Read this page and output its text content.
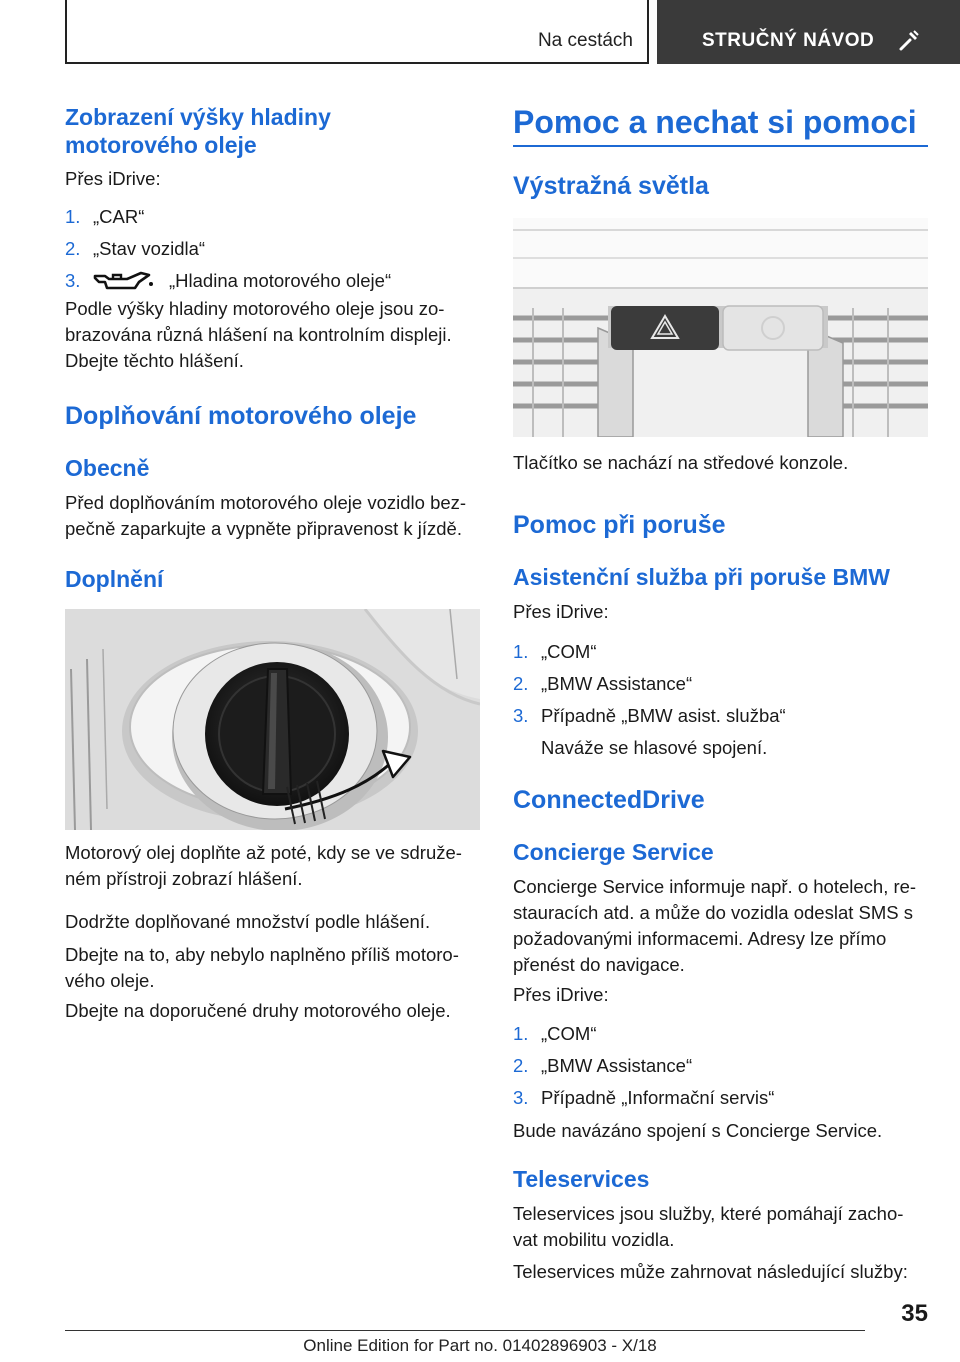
Na cestách	STRUČNÝ NÁVOD
Zobrazení výšky hladiny
motorového oleje

Přes iDrive:

1. „CAR“
2. „Stav vozidla“
3.	„Hladina motorového oleje“
Podle výšky hladiny motorového oleje jsou zo-
brazována různá hlášení na kontrolním displeji.
Dbejte těchto hlášení.
Doplňování motorového oleje
Obecně
Před doplňováním motorového oleje vozidlo bez-
pečně zaparkujte a vypněte připravenost k jízdě.
Doplnění
Motorový olej doplňte až poté, kdy se ve sdruže-
ném přístroji zobrazí hlášení.

Dodržte doplňované množství podle hlášení.

Dbejte na to, aby nebylo naplněno příliš motoro-
vého oleje.

Dbejte na doporučené druhy motorového oleje.

Pomoc a nechat si pomoci
Výstražná světla

Tlačítko se nachází na středové konzole.

Pomoc při poruše
Asistenční služba při poruše BMW

Přes iDrive:

1. „COM“
2. „BMW Assistance“
3. Případně „BMW asist. služba“

Naváže se hlasové spojení.

ConnectedDrive
Concierge Service
Concierge Service informuje např. o hotelech, re-
stauracích atd. a může do vozidla odeslat SMS s
požadovanými informacemi. Adresy lze přímo
přenést do navigace.

Přes iDrive:

1. „COM“
2. „BMW Assistance“
3. Případně „Informační servis“

Bude navázáno spojení s Concierge Service.

Teleservices
Teleservices jsou služby, které pomáhají zacho-
vat mobilitu vozidla.

Teleservices může zahrnovat následující služby:

35
Online Edition for Part no. 01402896903 - X/18
